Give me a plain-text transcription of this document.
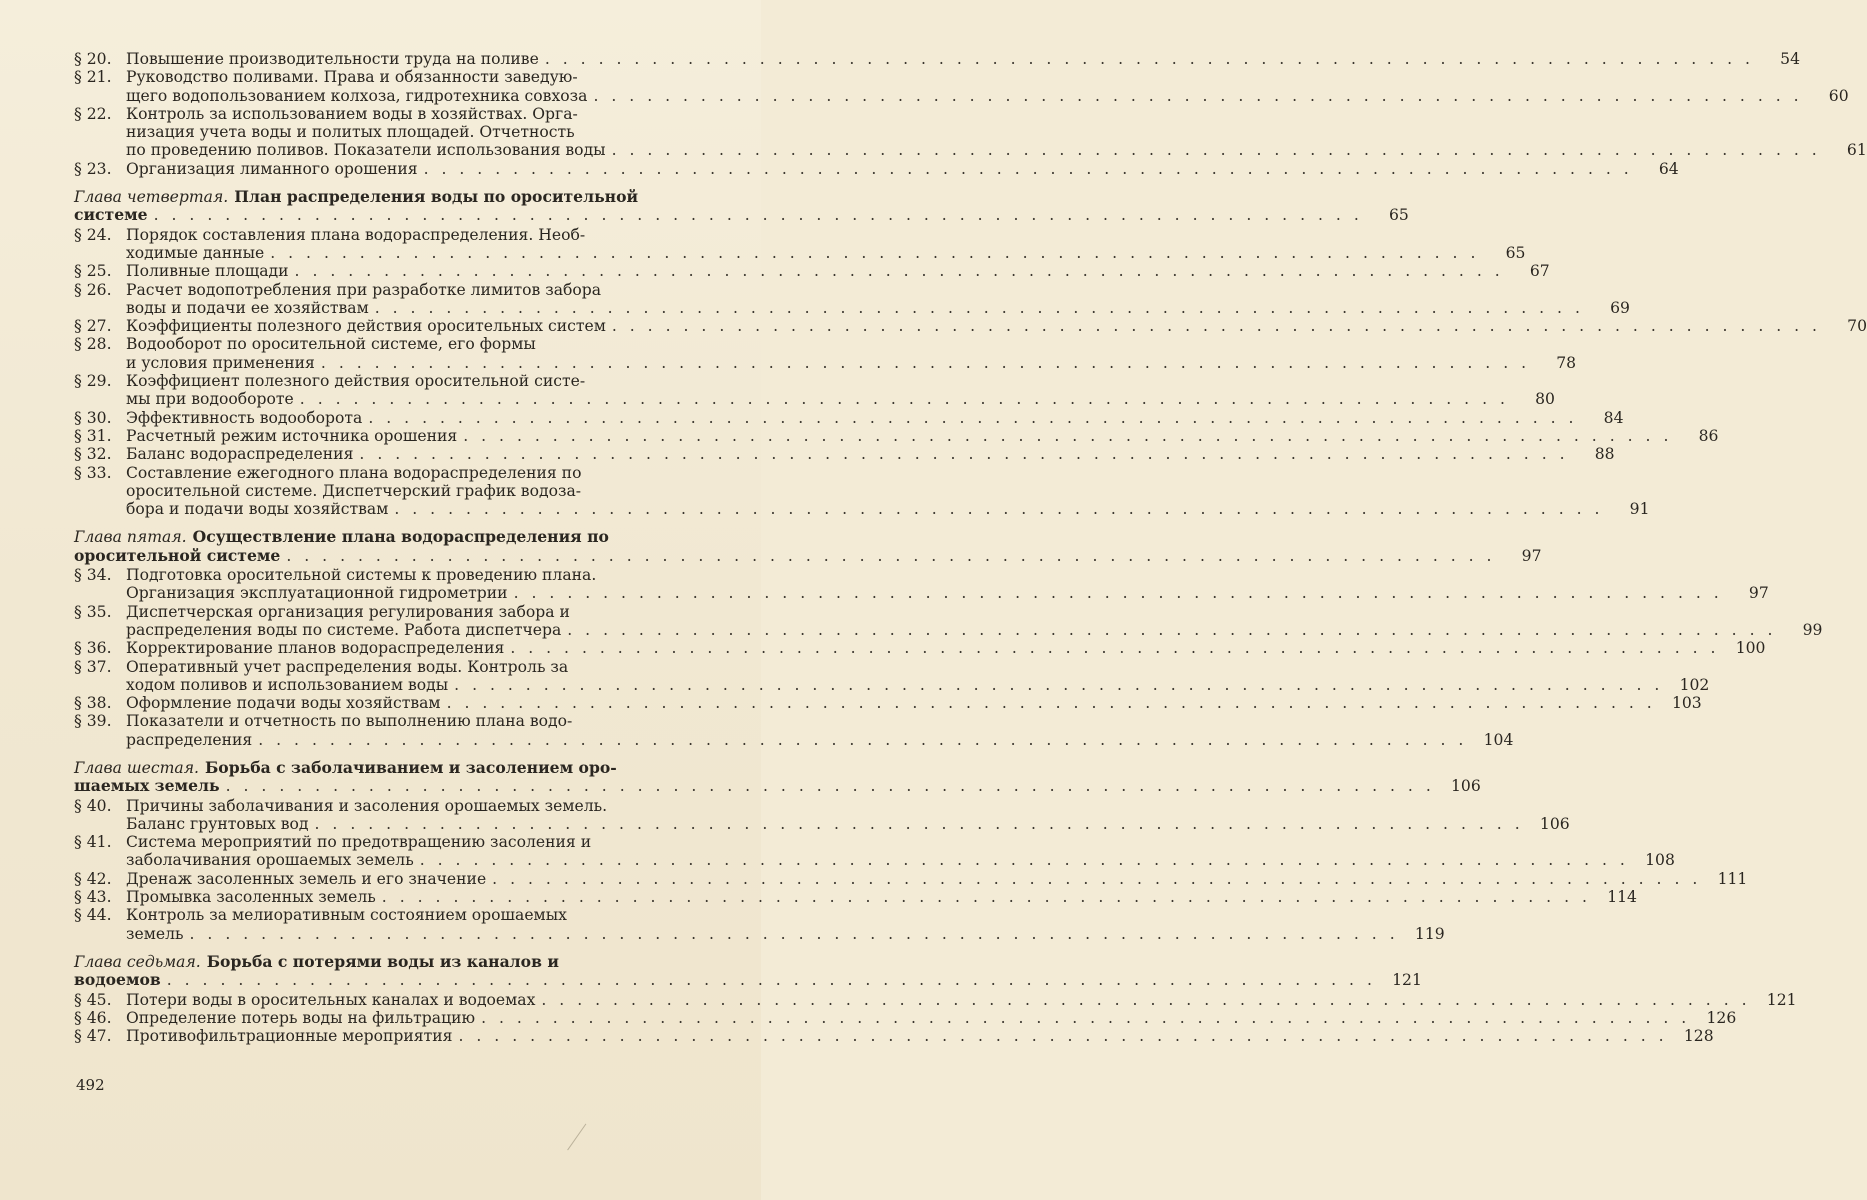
§ 20. Повышение производительности труда на поливе . . .	54
§ 21. Руководство поливами. Права и обязанности заведую-
щего водопользованием колхоза, гидротехника совхоза . . .	60
§ 22. Контроль за использованием воды в хозяйствах. Орга-
низация учета воды и политых площадей. Отчетность
по проведению поливов. Показатели использования воды . . .	61
§ 23. Организация лиманного орошения . . .	64
Глава четвертая. План распределения воды по оросительной
системе . . .	65
§ 24. Порядок составления плана водораспределения. Необ-
ходимые данные . . .	65
§ 25. Поливные площади . . .	67
§ 26. Расчет водопотребления при разработке лимитов забора
воды и подачи ее хозяйствам . . .	69
§ 27. Коэффициенты полезного действия оросительных систем . . .	70
§ 28. Водооборот по оросительной системе, его формы
и условия применения . . .	78
§ 29. Коэффициент полезного действия оросительной систе-
мы при водообороте . . .	80
§ 30. Эффективность водооборота . . .	84
§ 31. Расчетный режим источника орошения . . .	86
§ 32. Баланс водораспределения . . .	88
§ 33. Составление ежегодного плана водораспределения по
оросительной системе. Диспетчерский график водоза-
бора и подачи воды хозяйствам . . .	91
Глава пятая. Осуществление плана водораспределения по
оросительной системе . . .	97
§ 34. Подготовка оросительной системы к проведению плана.
Организация эксплуатационной гидрометрии . . .	97
§ 35. Диспетчерская организация регулирования забора и
распределения воды по системе. Работа диспетчера . . .	99
§ 36. Корректирование планов водораспределения . . .	100
§ 37. Оперативный учет распределения воды. Контроль за
ходом поливов и использованием воды . . .	102
§ 38. Оформление подачи воды хозяйствам . . .	103
§ 39. Показатели и отчетность по выполнению плана водо-
распределения . . .	104
Глава шестая. Борьба с заболачиванием и засолением оро-
шаемых земель . . .	106
§ 40. Причины заболачивания и засоления орошаемых земель.
Баланс грунтовых вод . . .	106
§ 41. Система мероприятий по предотвращению засоления и
заболачивания орошаемых земель . . .	108
§ 42. Дренаж засоленных земель и его значение . . .	111
§ 43. Промывка засоленных земель . . .	114
§ 44. Контроль за мелиоративным состоянием орошаемых
земель . . .	119
Глава седьмая. Борьба с потерями воды из каналов и
водоемов . . .	121
§ 45. Потери воды в оросительных каналах и водоемах . . .	121
§ 46. Определение потерь воды на фильтрацию . . .	126
§ 47. Противофильтрационные мероприятия . . .	128
492
